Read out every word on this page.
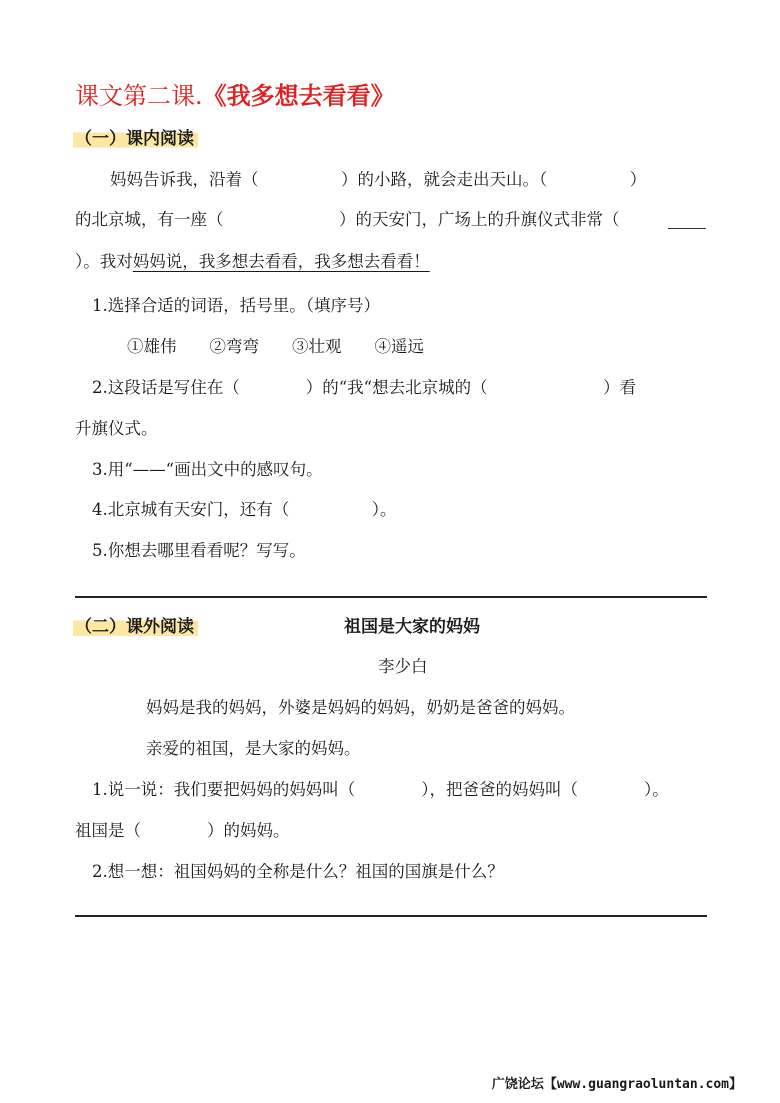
课文第二课.《我多想去看看》
（一）课内阅读
妈妈告诉我，沿着（　　　　　）的小路，就会走出天山。（　　　　　）
的北京城，有一座（　　　　　　　）的天安门，广场上的升旗仪式非常（　
）。我对妈妈说，我多想去看看，我多想去看看！
1.选择合适的词语，括号里。（填序号）
①雄伟　　②弯弯　　③壮观　　④遥远
2.这段话是写住在（　　　　）的“我“想去北京城的（　　　　　　　）看
升旗仪式。
3.用“——“画出文中的感叹句。
4.北京城有天安门，还有（　　　　　）。
5.你想去哪里看看呢？写写。
（二）课外阅读	祖国是大家的妈妈
李少白
妈妈是我的妈妈，外婆是妈妈的妈妈，奶奶是爸爸的妈妈。
亲爱的祖国，是大家的妈妈。
1.说一说：我们要把妈妈的妈妈叫（　　　　），把爸爸的妈妈叫（　　　　）。
祖国是（　　　　）的妈妈。
2.想一想：祖国妈妈的全称是什么？祖国的国旗是什么？
广饶论坛【www.guangraoluntan.com】
